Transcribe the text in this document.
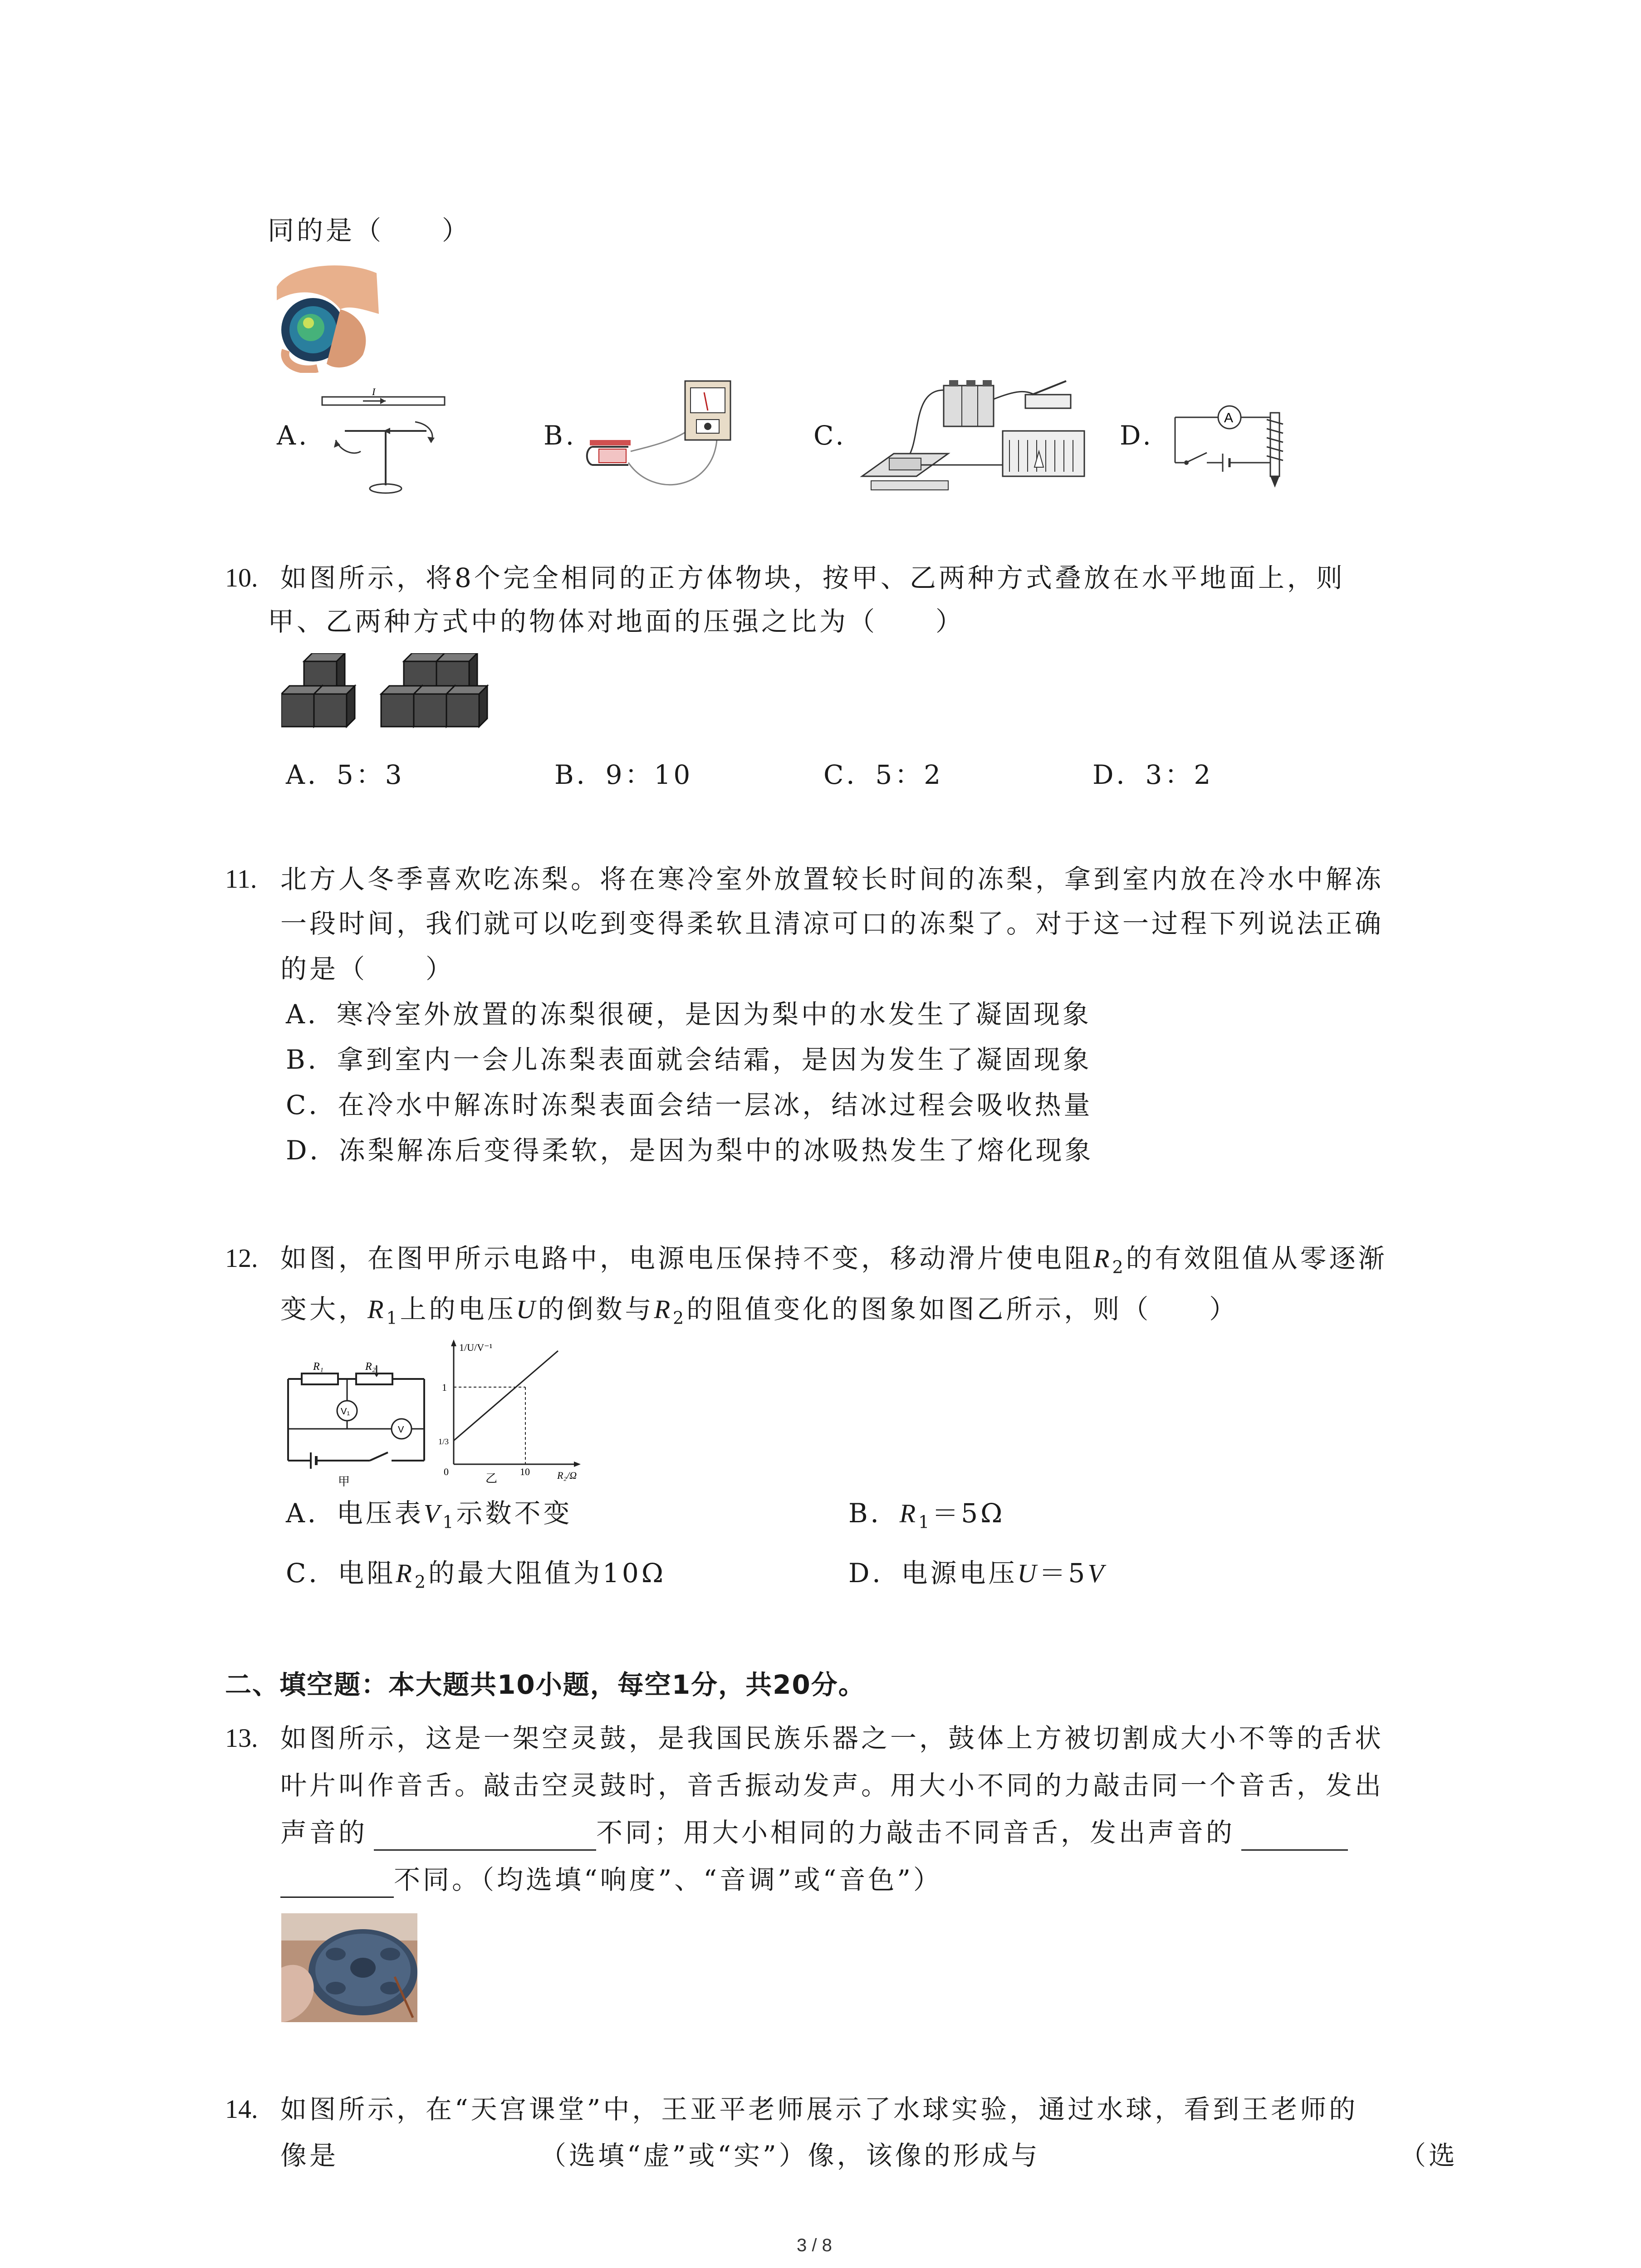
同的是（　　）
A.
I
B.	C.	D.
A
10. 如图所示，将8个完全相同的正方体物块，按甲、乙两种方式叠放在水平地面上，则
甲、乙两种方式中的物体对地面的压强之比为（　　）
甲	乙
A．5：3	B．9：10	C．5：2	D．3：2
11. 北方人冬季喜欢吃冻梨。将在寒冷室外放置较长时间的冻梨，拿到室内放在冷水中解冻
一段时间，我们就可以吃到变得柔软且清凉可口的冻梨了。对于这一过程下列说法正确
的是（　　）
A．寒冷室外放置的冻梨很硬，是因为梨中的水发生了凝固现象
B．拿到室内一会儿冻梨表面就会结霜，是因为发生了凝固现象
C．在冷水中解冻时冻梨表面会结一层冰，结冰过程会吸收热量
D．冻梨解冻后变得柔软，是因为梨中的冰吸热发生了熔化现象
12. 如图，在图甲所示电路中，电源电压保持不变，移动滑片使电阻$R_2$的有效阻值从零逐渐
变大，$R_1$上的电压U的倒数与$R_2$的阻值变化的图象如图乙所示，则（　　）
R₁	R₂
V₁
V
甲
1/U/V⁻¹
1
1/3
0	10
乙	R₂/Ω
A．电压表$V_1$示数不变	B．$R_1=5\Omega$
C．电阻$R_2$的最大阻值为10Ω	D．电源电压U＝5V
二、填空题：本大题共10小题，每空1分，共20分。
13. 如图所示，这是一架空灵鼓，是我国民族乐器之一，鼓体上方被切割成大小不等的舌状
叶片叫作音舌。敲击空灵鼓时，音舌振动发声。用大小不同的力敲击同一个音舌，发出
声音的	不同；用大小相同的力敲击不同音舌，发出声音的
不同。（均选填“响度”、“音调”或“音色”）
14. 如图所示，在“天宫课堂”中，王亚平老师展示了水球实验，通过水球，看到王老师的
像是	（选填“虚”或“实”）像，该像的形成与	（选
3 / 8
